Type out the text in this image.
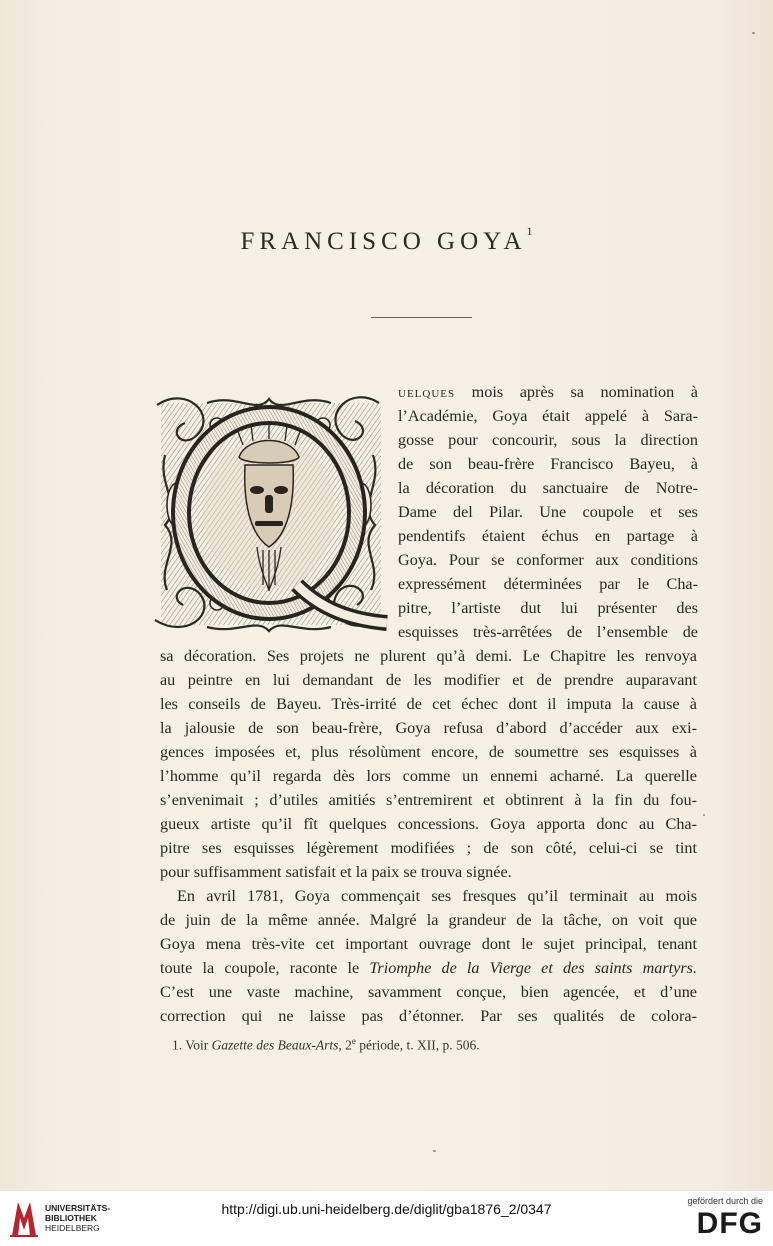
FRANCISCO GOYA$^1$
uelques mois après sa nomination à
l’Académie, Goya était appelé à Sara-
gosse pour concourir, sous la direction
de son beau-frère Francisco Bayeu, à
la décoration du sanctuaire de Notre-
Dame del Pilar. Une coupole et ses
pendentifs étaient échus en partage à
Goya. Pour se conformer aux conditions
expressément déterminées par le Cha-
pitre, l’artiste dut lui présenter des
esquisses très-arrêtées de l’ensemble de
sa décoration. Ses projets ne plurent qu’à demi. Le Chapitre les renvoya
au peintre en lui demandant de les modifier et de prendre auparavant
les conseils de Bayeu. Très-irrité de cet échec dont il imputa la cause à
la jalousie de son beau-frère, Goya refusa d’abord d’accéder aux exi-
gences imposées et, plus résolùment encore, de soumettre ses esquisses à
l’homme qu’il regarda dès lors comme un ennemi acharné. La querelle
s’envenimait ; d’utiles amitiés s’entremirent et obtinrent à la fin du fou-
gueux artiste qu’il fît quelques concessions. Goya apporta donc au Cha-
pitre ses esquisses légèrement modifiées ; de son côté, celui-ci se tint
pour suffisamment satisfait et la paix se trouva signée.
En avril 1781, Goya commençait ses fresques qu’il terminait au mois
de juin de la même année. Malgré la grandeur de la tâche, on voit que
Goya mena très-vite cet important ouvrage dont le sujet principal, tenant
toute la coupole, raconte le Triomphe de la Vierge et des saints martyrs.
C’est une vaste machine, savamment conçue, bien agencée, et d’une
correction qui ne laisse pas d’étonner. Par ses qualités de colora-
1. Voir Gazette des Beaux-Arts, 2e période, t. XII, p. 506.
UNIVERSITÄTS-
BIBLIOTHEK
HEIDELBERG
http://digi.ub.uni-heidelberg.de/diglit/gba1876_2/0347	gefördert durch die
DFG
